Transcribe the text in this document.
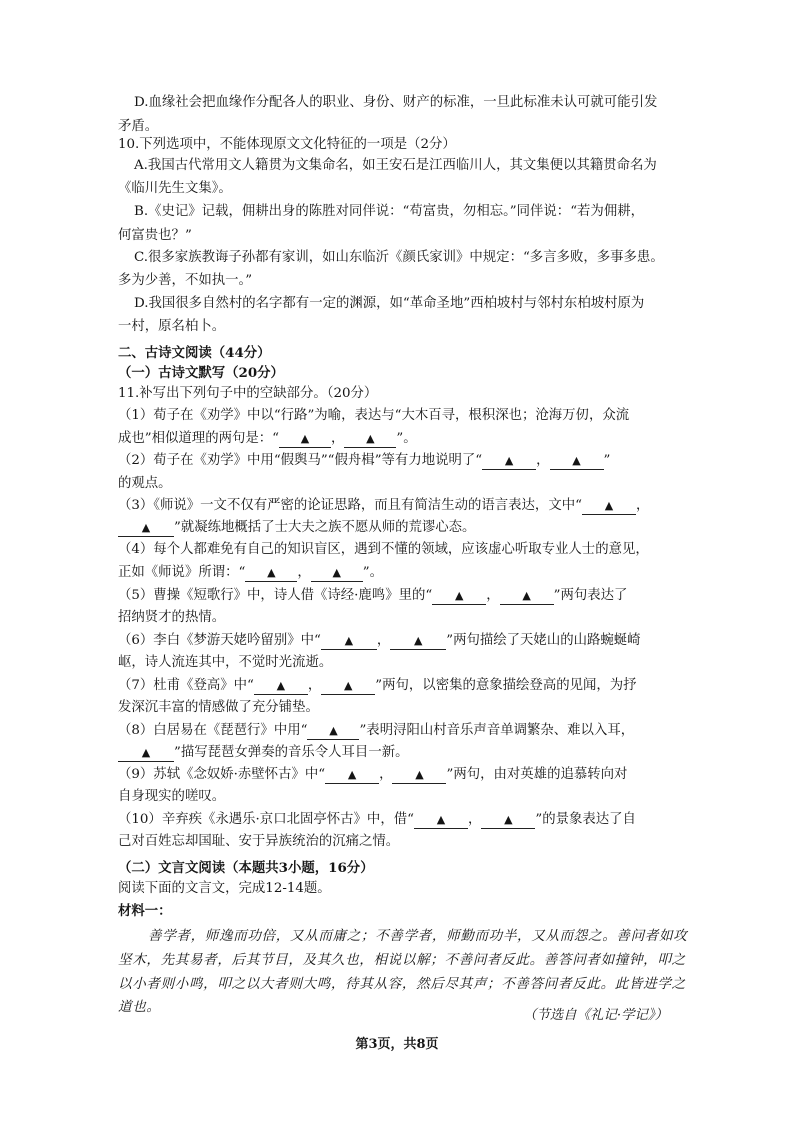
D.血缘社会把血缘作分配各人的职业、身份、财产的标准，一旦此标准未认可就可能引发
矛盾。
10.下列选项中，不能体现原文文化特征的一项是（2分）
A.我国古代常用文人籍贯为文集命名，如王安石是江西临川人，其文集便以其籍贯命名为
《临川先生文集》。
B.《史记》记载，佣耕出身的陈胜对同伴说：“苟富贵，勿相忘。”同伴说：“若为佣耕，
何富贵也？”
C.很多家族教诲子孙都有家训，如山东临沂《颜氏家训》中规定：“多言多败，多事多患。
多为少善，不如执一。”
D.我国很多自然村的名字都有一定的渊源，如“革命圣地”西柏坡村与邻村东柏坡村原为
一村，原名柏卜。
二、古诗文阅读（44分）
（一）古诗文默写（20分）
11.补写出下列句子中的空缺部分。（20分）
（1）荀子在《劝学》中以“行路”为喻，表达与“大木百寻，根积深也；沧海万仞，众流
成也”相似道理的两句是：“ ▲ ， ▲ ”。
（2）荀子在《劝学》中用“假舆马”“假舟楫”等有力地说明了“ ▲ ， ▲ ”
的观点。
（3）《师说》一文不仅有严密的论证思路，而且有简洁生动的语言表达，文中“ ▲ ，
▲ ”就凝练地概括了士大夫之族不愿从师的荒谬心态。
（4）每个人都难免有自己的知识盲区，遇到不懂的领域，应该虚心听取专业人士的意见，
正如《师说》所谓：“ ▲ ， ▲ ”。
（5）曹操《短歌行》中，诗人借《诗经·鹿鸣》里的“ ▲ ， ▲ ”两句表达了
招纳贤才的热情。
（6）李白《梦游天姥吟留别》中“ ▲ ， ▲ ”两句描绘了天姥山的山路蜿蜒崎
岖，诗人流连其中，不觉时光流逝。
（7）杜甫《登高》中“ ▲ ， ▲ ”两句，以密集的意象描绘登高的见闻，为抒
发深沉丰富的情感做了充分铺垫。
（8）白居易在《琵琶行》中用“ ▲ ”表明浔阳山村音乐声音单调繁杂、难以入耳，
▲ ”描写琵琶女弹奏的音乐令人耳目一新。
（9）苏轼《念奴娇·赤壁怀古》中“ ▲ ， ▲ ”两句，由对英雄的追慕转向对
自身现实的嗟叹。
（10）辛弃疾《永遇乐·京口北固亭怀古》中，借“ ▲ ， ▲ ”的景象表达了自
己对百姓忘却国耻、安于异族统治的沉痛之情。
（二）文言文阅读（本题共3小题，16分）
阅读下面的文言文，完成12-14题。
材料一：
善学者，师逸而功倍，又从而庸之；不善学者，师勤而功半，又从而怨之。善问者如攻
坚木，先其易者，后其节目，及其久也，相说以解；不善问者反此。善答问者如撞钟，叩之
以小者则小鸣，叩之以大者则大鸣，待其从容，然后尽其声；不善答问者反此。此皆进学之
道也。
（节选自《礼记·学记》）
第3页，共8页
